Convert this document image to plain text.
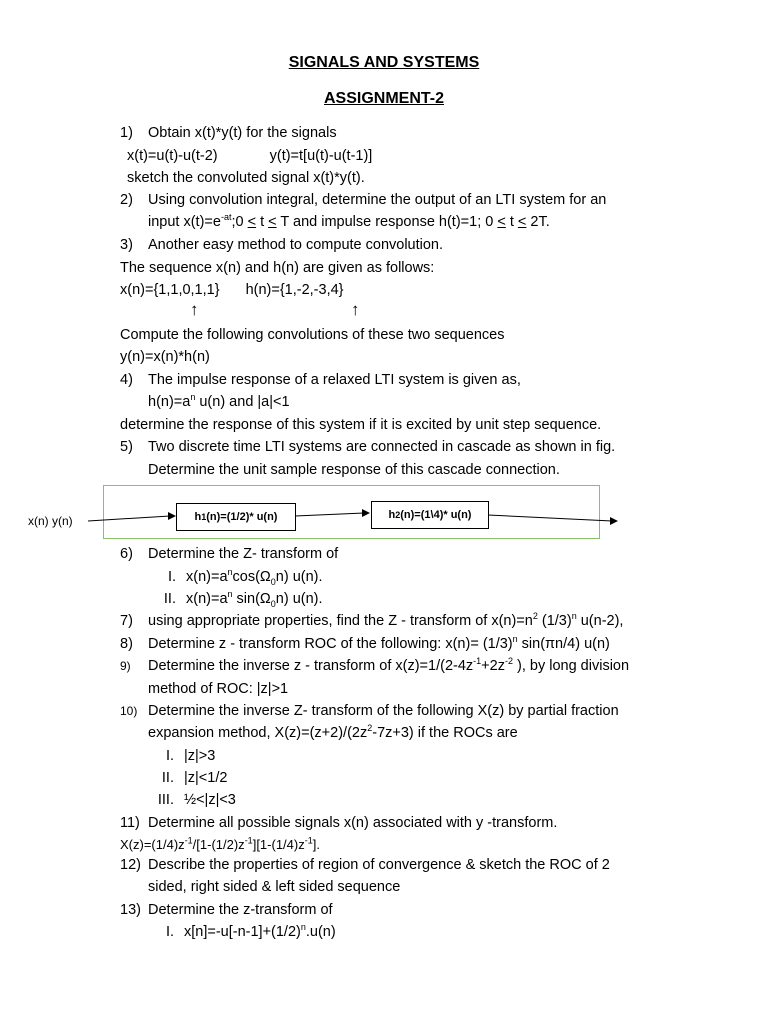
SIGNALS AND SYSTEMS
ASSIGNMENT-2
1) Obtain x(t)*y(t) for the signals
x(t)=u(t)-u(t-2)	y(t)=t[u(t)-u(t-1)]
sketch the convoluted signal x(t)*y(t).
2) Using convolution integral, determine the output of an LTI system for an
input $x(t)=e^{-at};0 < t < T$ and impulse response h(t)=1; 0 < t < 2T.
3) Another easy method to compute convolution.
The sequence x(n) and h(n) are given as follows:
x(n)={1,1,0,1,1} h(n)={1,-2,-3,4}
↑	↑
Compute the following convolutions of these two sequences
y(n)=x(n)*h(n)
4) The impulse response of a relaxed LTI system is given as,
$h(n)=a^n$ u(n) and |a|<1
determine the response of this system if it is excited by unit step sequence.
5) Two discrete time LTI systems are connected in cascade as shown in fig.
Determine the unit sample response of this cascade connection.
x(n) y(n)	h 1 (n)=(1/2)* u(n)	h 2 (n)=(1\4)* u(n)
6) Determine the Z- transform of
I. $x(n)=a^n\cos(\Omega_0n)$ u(n).
II. $x(n)=a^n$ $\sin(\Omega_0n)$ u(n).
7) using appropriate properties, find the Z - transform of $x(n)=n^2$ $(1/3)^n$ u(n-2),
8) Determine z - transform ROC of the following: $x(n)= (1/3)^n$ sin(πn/4) u(n)
9) Determine the inverse z - transform of $x(z)=1/(2-4z^{-1}+2z^{-2}$ ), by long division
method of ROC: |z|>1
10) Determine the inverse Z- transform of the following X(z) by partial fraction
expansion method, $X(z)=(z+2)/(2z^2-7z+3)$ if the ROCs are
I. |z|>3
II. |z|<1/2
III. ½<|z|<3
11) Determine all possible signals x(n) associated with y -transform.
$X(z)=(1/4)z^{-1}/[1-(1/2)z^{-1}][1-(1/4)z^{-1}]$.
12) Describe the properties of region of convergence & sketch the ROC of 2
sided, right sided & left sided sequence
13) Determine the z-transform of
I. $x[n]=-u[-n-1]+(1/2)^n.u(n)$
